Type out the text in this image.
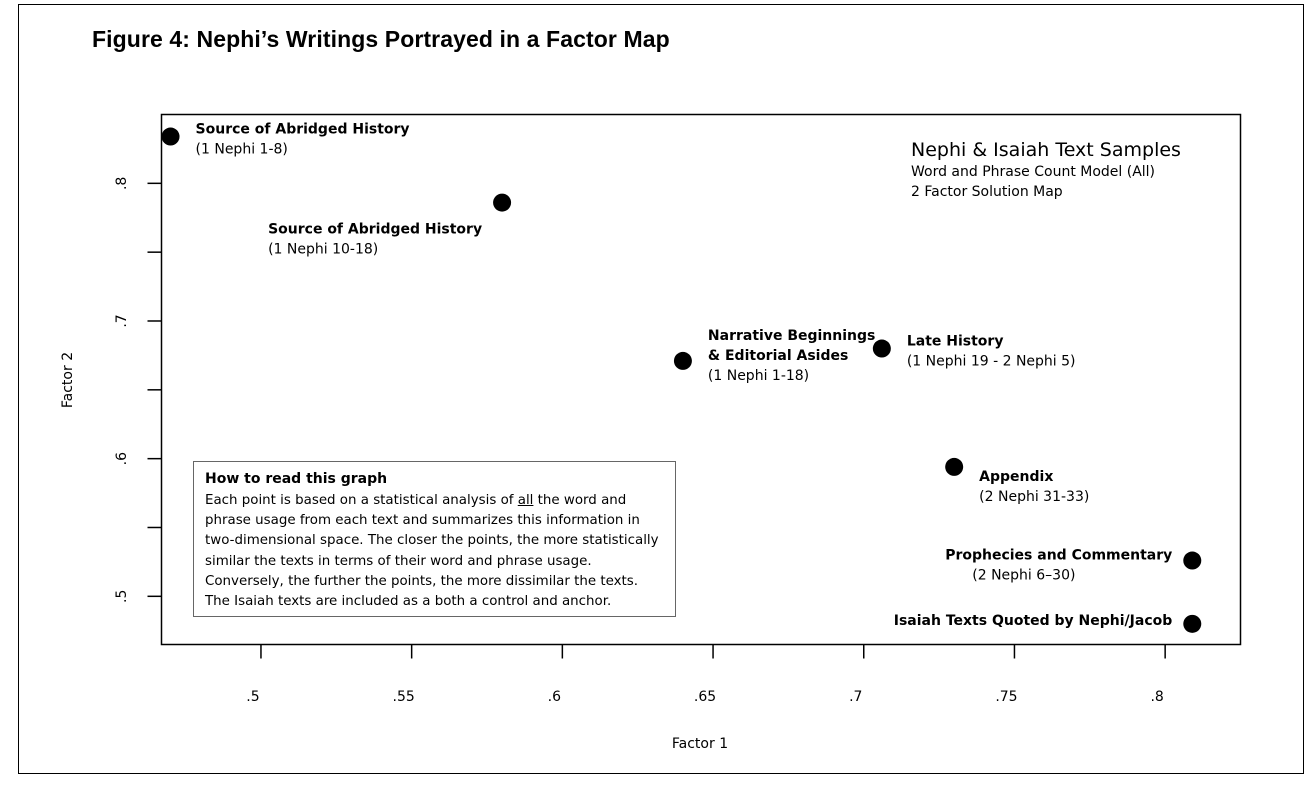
Figure 4: Nephi’s Writings Portrayed in a Factor Map
.5	.55	.6	.65	.7	.75	.8
.5
.6
.7
.8
Source of Abridged History
(1 Nephi 1-8)
Source of Abridged History
(1 Nephi 10-18)
Narrative Beginnings
& Editorial Asides
(1 Nephi 1-18)
Late History
(1 Nephi 19 - 2 Nephi 5)
Appendix
(2 Nephi 31-33)
Prophecies and Commentary
(2 Nephi 6–30)
Isaiah Texts Quoted by Nephi/Jacob
Factor 1
Factor 2
Nephi & Isaiah Text Samples
Word and Phrase Count Model (All)
2 Factor Solution Map
How to read this graph
Each point is based on a statistical analysis of all the word and
phrase usage from each text and summarizes this information in
two-dimensional space. The closer the points, the more statistically
similar the texts in terms of their word and phrase usage.
Conversely, the further the points, the more dissimilar the texts.
The Isaiah texts are included as a both a control and anchor.
